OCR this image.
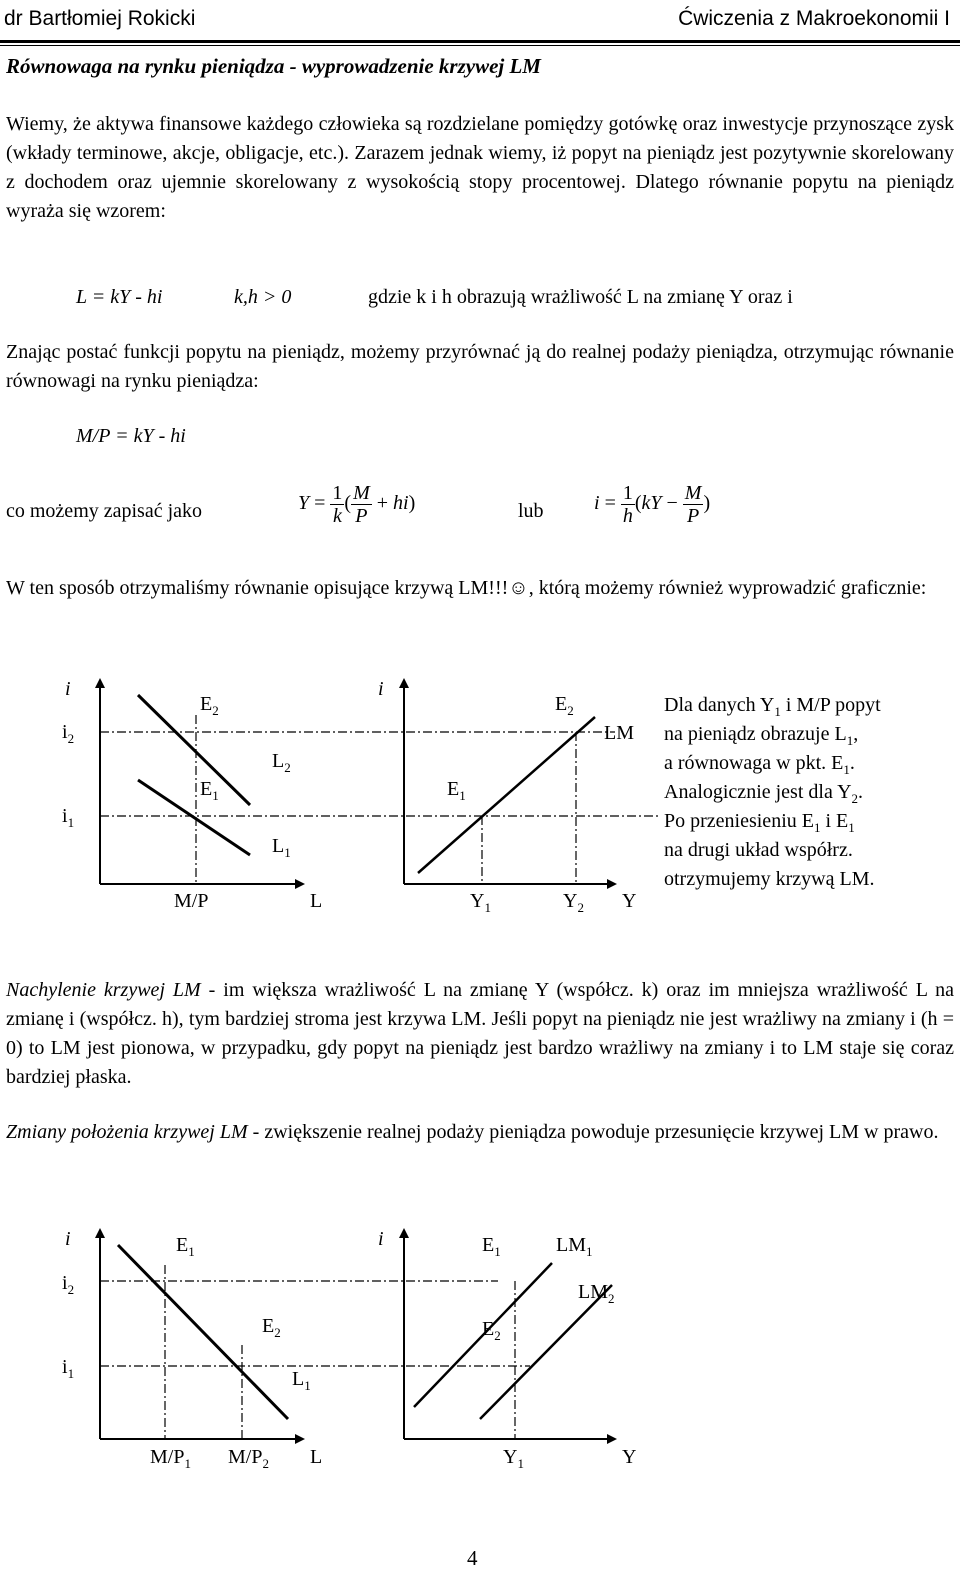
dr Bartłomiej Rokicki	Ćwiczenia z Makroekonomii I
Równowaga na rynku pieniądza - wyprowadzenie krzywej LM

Wiemy, że aktywa finansowe każdego człowieka są rozdzielane pomiędzy gotówkę oraz inwestycje przynoszące zysk (wkłady terminowe, akcje, obligacje, etc.). Zarazem jednak wiemy, iż popyt na pieniądz jest pozytywnie skorelowany z dochodem oraz ujemnie skorelowany z wysokością stopy procentowej. Dlatego równanie popytu na pieniądz wyraża się wzorem:

L = kY - hi	k,h > 0	gdzie k i h obrazują wrażliwość L na zmianę Y oraz i

Znając postać funkcji popytu na pieniądz, możemy przyrównać ją do realnej podaży pieniądza, otrzymując równanie równowagi na rynku pieniądza:

M/P = kY - hi
co możemy zapisać jako	$Y = \frac{1}{k}$ ( $\frac{M}{P} + hi$)	lub	$i = \frac{1}{h} (kY - \frac{M}{P}$ )

W ten sposób otrzymaliśmy równanie opisujące krzywą LM!!!☺, którą możemy również wyprowadzić graficznie:

i
$i_2$
$i_1$
$E_2$
$E_1$
$L_2$
$L_1$
M/P	L
i
$E_2$
$E_1$
LM
$Y_1$	$Y_2$ Y
Dla danych $Y_1$ i M/P popyt
na pieniądz obrazuje $L_1$,
a równowaga w pkt. $E_1$.
Analogicznie jest dla $Y_2$.
Po przeniesieniu $E_1$ i $E_1$
na drugi układ współrz.
otrzymujemy krzywą LM.

Nachylenie krzywej LM - im większa wrażliwość L na zmianę Y (współcz. k) oraz im mniejsza wrażliwość L na zmianę i (współcz. h), tym bardziej stroma jest krzywa LM. Jeśli popyt na pieniądz nie jest wrażliwy na zmiany i (h = 0) to LM jest pionowa, w przypadku, gdy popyt na pieniądz jest bardzo wrażliwy na zmiany i to LM staje się coraz bardziej płaska.

Zmiany położenia krzywej LM - zwiększenie realnej podaży pieniądza powoduje przesunięcie krzywej LM w prawo.

i
$i_2$
$i_1$
$E_1$
$E_2$
$L_1$
$M/P_1$ $M/P_2$ L
i	$E_1$
$E_2$
$LM_1$
$LM_2$
$Y_1$	Y
4
